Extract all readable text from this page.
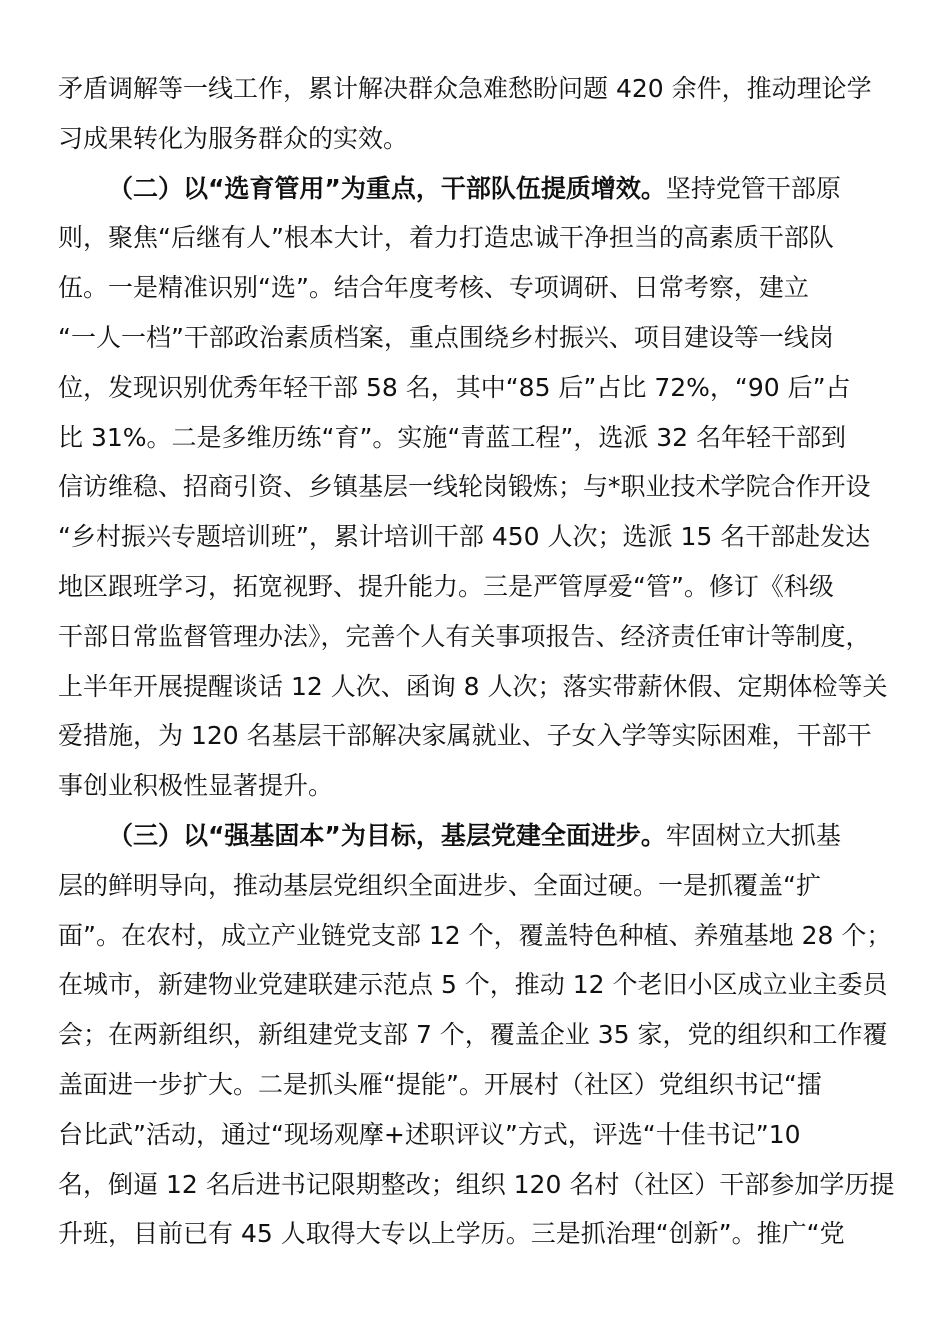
矛盾调解等一线工作，累计解决群众急难愁盼问题 420 余件，推动理论学
习成果转化为服务群众的实效。
（二）以“选育管用”为重点，干部队伍提质增效。坚持党管干部原
则，聚焦“后继有人”根本大计，着力打造忠诚干净担当的高素质干部队
伍。一是精准识别“选”。结合年度考核、专项调研、日常考察，建立
“一人一档”干部政治素质档案，重点围绕乡村振兴、项目建设等一线岗
位，发现识别优秀年轻干部 58 名，其中“85 后”占比 72%，“90 后”占
比 31%。二是多维历练“育”。实施“青蓝工程”，选派 32 名年轻干部到
信访维稳、招商引资、乡镇基层一线轮岗锻炼；与*职业技术学院合作开设
“乡村振兴专题培训班”，累计培训干部 450 人次；选派 15 名干部赴发达
地区跟班学习，拓宽视野、提升能力。三是严管厚爱“管”。修订《科级
干部日常监督管理办法》，完善个人有关事项报告、经济责任审计等制度，
上半年开展提醒谈话 12 人次、函询 8 人次；落实带薪休假、定期体检等关
爱措施，为 120 名基层干部解决家属就业、子女入学等实际困难，干部干
事创业积极性显著提升。
（三）以“强基固本”为目标，基层党建全面进步。牢固树立大抓基
层的鲜明导向，推动基层党组织全面进步、全面过硬。一是抓覆盖“扩
面”。在农村，成立产业链党支部 12 个，覆盖特色种植、养殖基地 28 个；
在城市，新建物业党建联建示范点 5 个，推动 12 个老旧小区成立业主委员
会；在两新组织，新组建党支部 7 个，覆盖企业 35 家，党的组织和工作覆
盖面进一步扩大。二是抓头雁“提能”。开展村（社区）党组织书记“擂
台比武”活动，通过“现场观摩+述职评议”方式，评选“十佳书记”10
名，倒逼 12 名后进书记限期整改；组织 120 名村（社区）干部参加学历提
升班，目前已有 45 人取得大专以上学历。三是抓治理“创新”。推广“党
